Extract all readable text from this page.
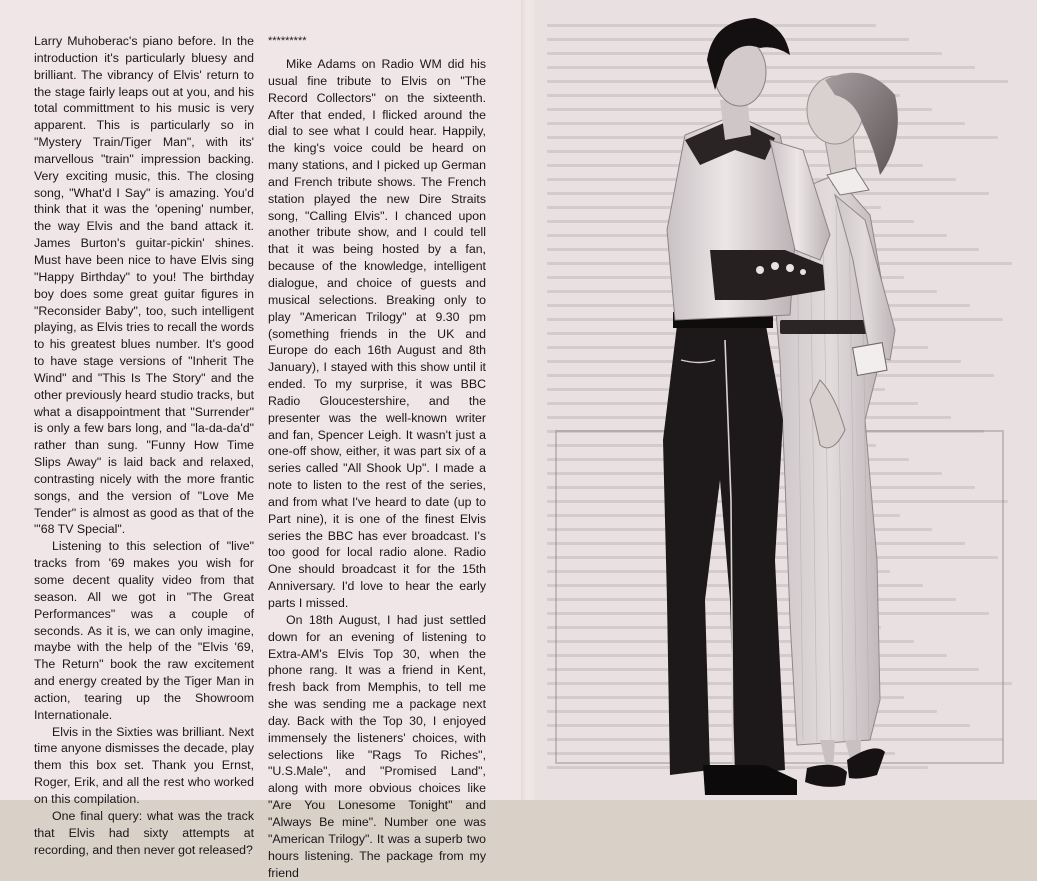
Larry Muhoberac's piano before. In the introduction it's particularly bluesy and brilliant. The vibrancy of Elvis' return to the stage fairly leaps out at you, and his total committment to his music is very apparent. This is particularly so in "Mystery Train/Tiger Man", with its' marvellous "train" impression backing. Very exciting music, this. The closing song, "What'd I Say" is amazing. You'd think that it was the 'opening' number, the way Elvis and the band attack it. James Burton's guitar-pickin' shines. Must have been nice to have Elvis sing "Happy Birthday" to you! The birthday boy does some great guitar figures in "Reconsider Baby", too, such intelligent playing, as Elvis tries to recall the words to his greatest blues number. It's good to have stage versions of "Inherit The Wind" and "This Is The Story" and the other previously heard studio tracks, but what a disappointment that "Surrender" is only a few bars long, and "la-da-da'd" rather than sung. "Funny How Time Slips Away" is laid back and relaxed, contrasting nicely with the more frantic songs, and the version of "Love Me Tender" is almost as good as that of the "'68 TV Special".

Listening to this selection of "live" tracks from '69 makes you wish for some decent quality video from that season. All we got in "The Great Performances" was a couple of seconds. As it is, we can only imagine, maybe with the help of the "Elvis '69, The Return" book the raw excitement and energy created by the Tiger Man in action, tearing up the Showroom Internationale.

Elvis in the Sixties was brilliant. Next time anyone dismisses the decade, play them this box set. Thank you Ernst, Roger, Erik, and all the rest who worked on this compilation.

One final query: what was the track that Elvis had sixty attempts at recording, and then never got released?

*********

Mike Adams on Radio WM did his usual fine tribute to Elvis on "The Record Collectors" on the sixteenth. After that ended, I flicked around the dial to see what I could hear. Happily, the king's voice could be heard on many stations, and I picked up German and French tribute shows. The French station played the new Dire Straits song, "Calling Elvis". I chanced upon another tribute show, and I could tell that it was being hosted by a fan, because of the knowledge, intelligent dialogue, and choice of guests and musical selections. Breaking only to play "American Trilogy" at 9.30 pm (something friends in the UK and Europe do each 16th August and 8th January), I stayed with this show until it ended. To my surprise, it was BBC Radio Gloucestershire, and the presenter was the well-known writer and fan, Spencer Leigh. It wasn't just a one-off show, either, it was part six of a series called "All Shook Up". I made a note to listen to the rest of the series, and from what I've heard to date (up to Part nine), it is one of the finest Elvis series the BBC has ever broadcast. I's too good for local radio alone. Radio One should broadcast it for the 15th Anniversary. I'd love to hear the early parts I missed.

On 18th August, I had just settled down for an evening of listening to Extra-AM's Elvis Top 30, when the phone rang. It was a friend in Kent, fresh back from Memphis, to tell me she was sending me a package next day. Back with the Top 30, I enjoyed immensely the listeners' choices, with selections like "Rags To Riches", "U.S.Male", and "Promised Land", along with more obvious choices like "Are You Lonesome Tonight" and "Always Be mine". Number one was "American Trilogy". It was a superb two hours listening. The package from my friend
